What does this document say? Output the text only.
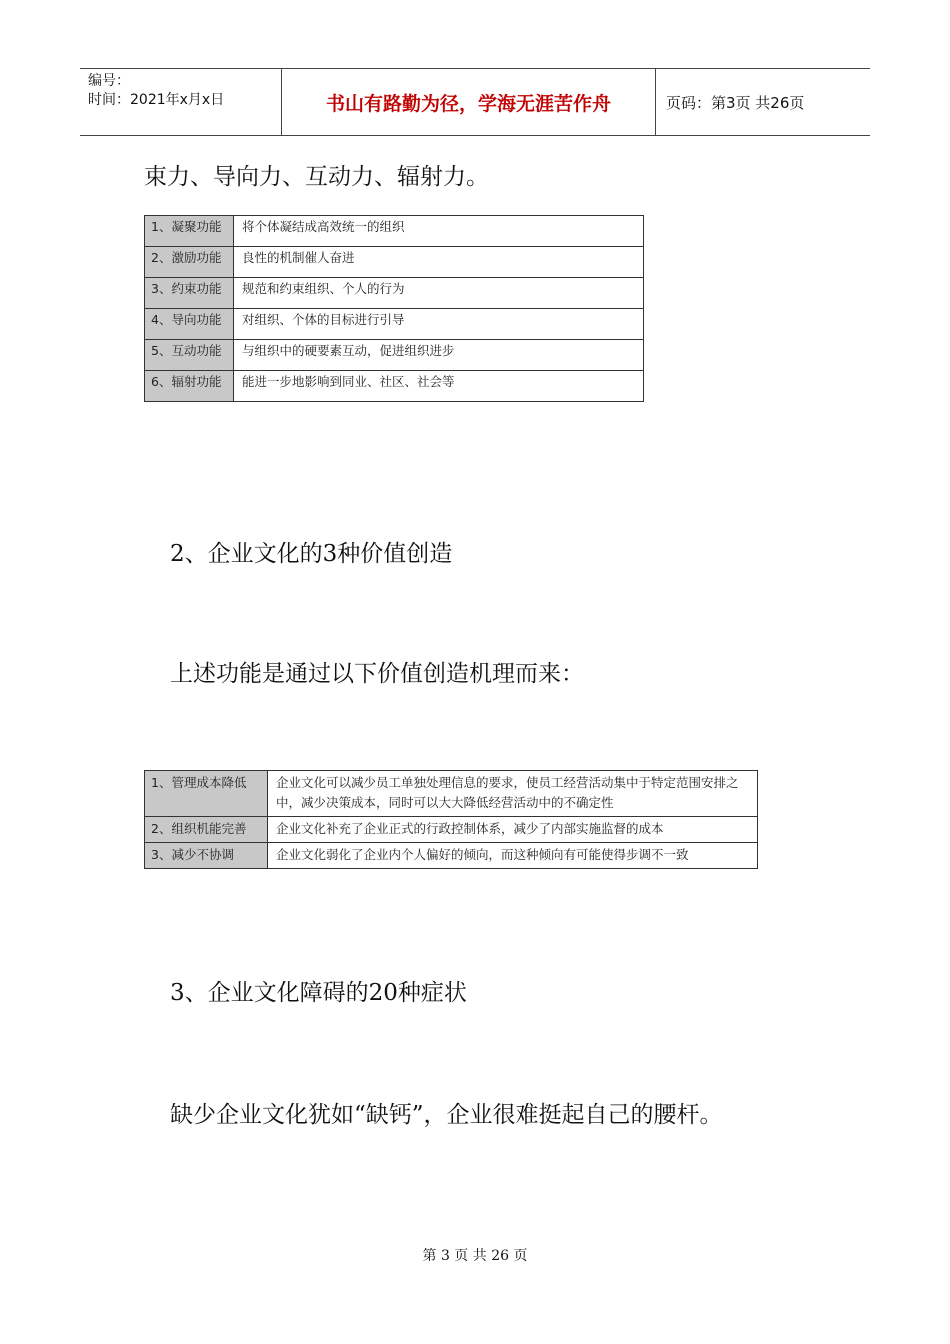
编号：
时间：2021年x月x日	书山有路勤为径，学海无涯苦作舟	页码：第3页 共26页
束力、导向力、互动力、辐射力。
1、凝聚功能	将个体凝结成高效统一的组织
2、激励功能	良性的机制催人奋进
3、约束功能	规范和约束组织、个人的行为
4、导向功能	对组织、个体的目标进行引导
5、互动功能	与组织中的硬要素互动，促进组织进步
6、辐射功能	能进一步地影响到同业、社区、社会等
2、企业文化的3种价值创造
上述功能是通过以下价值创造机理而来：
1、管理成本降低	企业文化可以减少员工单独处理信息的要求，使员工经营活动集中于特定范围安排之中，减少决策成本，同时可以大大降低经营活动中的不确定性
2、组织机能完善	企业文化补充了企业正式的行政控制体系，减少了内部实施监督的成本
3、减少不协调	企业文化弱化了企业内个人偏好的倾向，而这种倾向有可能使得步调不一致
3、企业文化障碍的20种症状
缺少企业文化犹如“缺钙”，企业很难挺起自己的腰杆。
第 3 页 共 26 页
